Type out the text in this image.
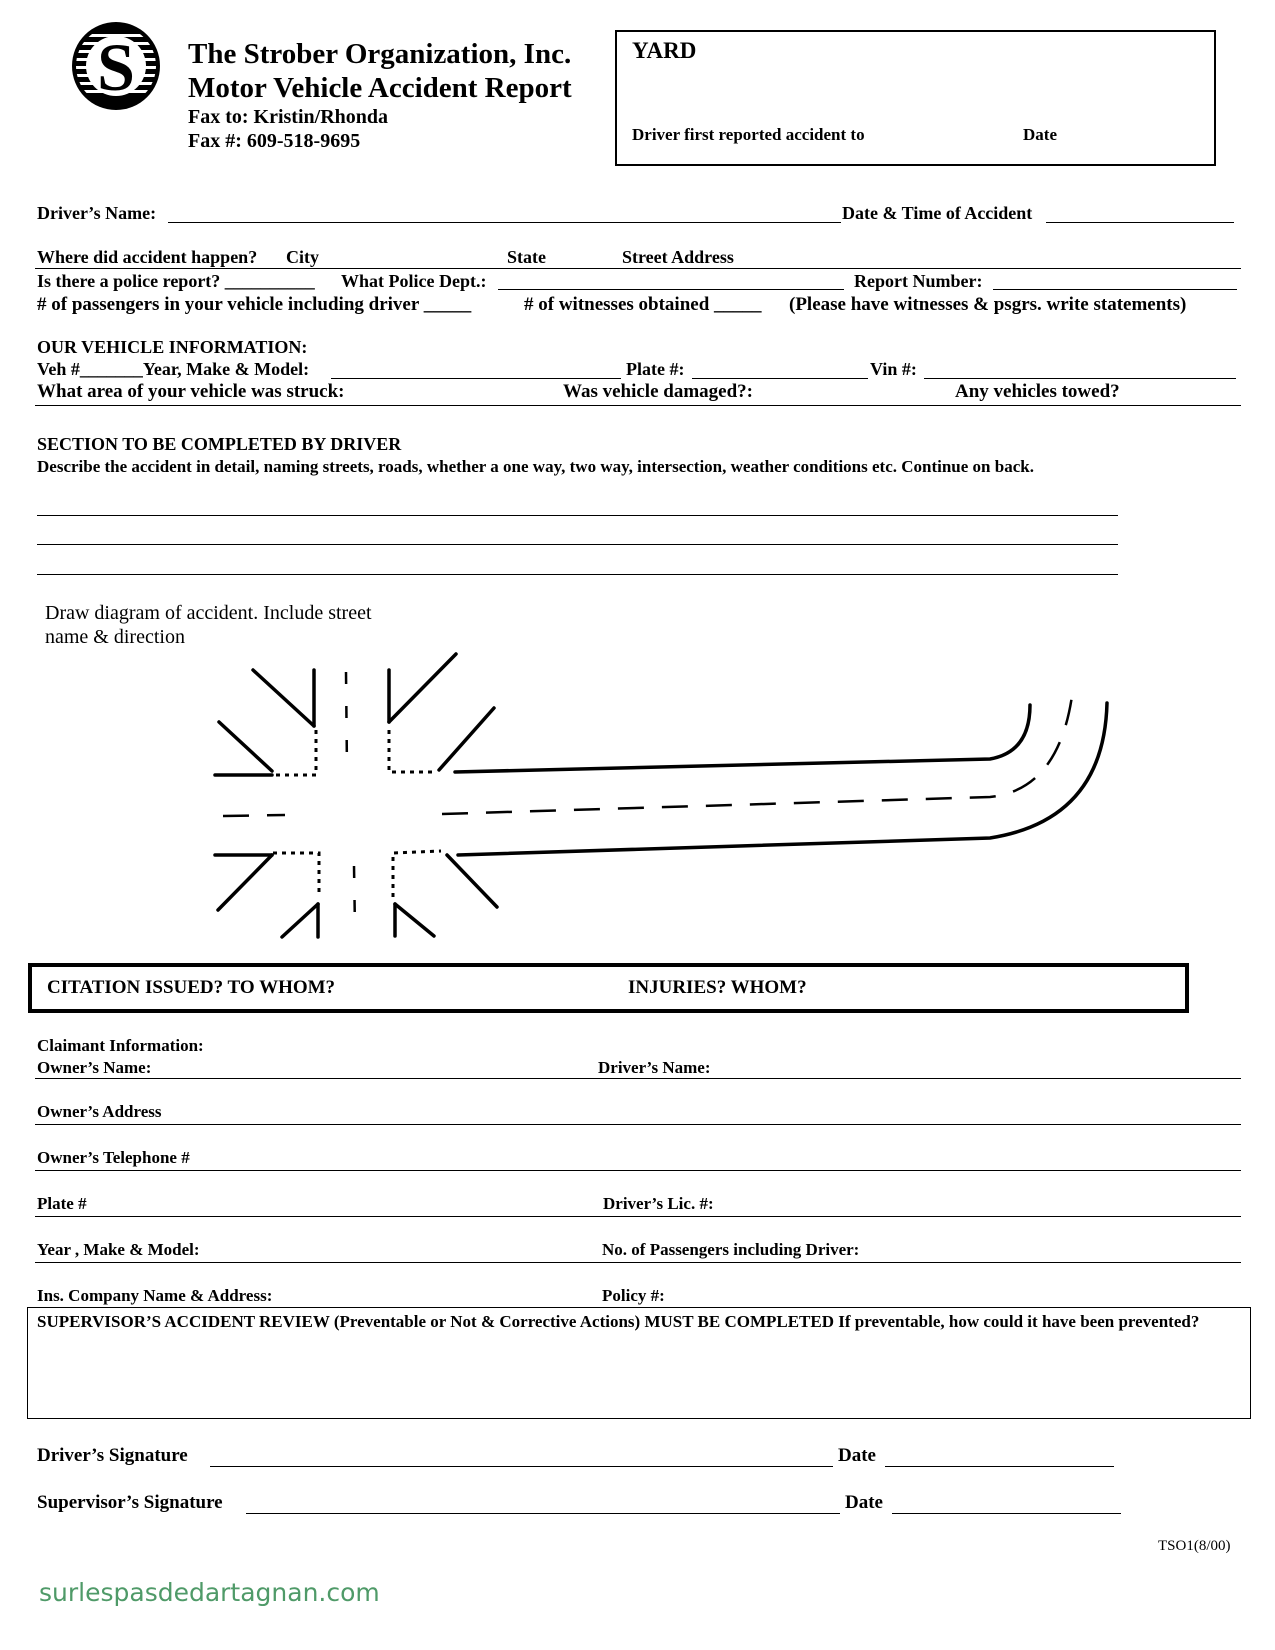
S The Strober Organization, Inc.
Motor Vehicle Accident Report
Fax to: Kristin/Rhonda
Fax #: 609-518-9695
YARD
Driver first reported accident to	Date
Driver’s Name:	Date & Time of Accident
Where did accident happen? City	State	Street Address
Is there a police report? __________ What Police Dept.:	Report Number:
# of passengers in your vehicle including driver _____	# of witnesses obtained _____ (Please have witnesses & psgrs. write statements)
OUR VEHICLE INFORMATION:
Veh #_______Year, Make & Model:	Plate #:	Vin #:
What area of your vehicle was struck:	Was vehicle damaged?:	Any vehicles towed?
SECTION TO BE COMPLETED BY DRIVER
Describe the accident in detail, naming streets, roads, whether a one way, two way, intersection, weather conditions etc. Continue on back.
Draw diagram of accident. Include street
name & direction
CITATION ISSUED? TO WHOM?	INJURIES? WHOM?
Claimant Information:
Owner’s Name:	Driver’s Name:
Owner’s Address
Owner’s Telephone #
Plate #	Driver’s Lic. #:
Year , Make & Model:	No. of Passengers including Driver:
Ins. Company Name & Address:	Policy #:
SUPERVISOR’S ACCIDENT REVIEW (Preventable or Not & Corrective Actions) MUST BE COMPLETED If preventable, how could it have been prevented?
Driver’s Signature	Date
Supervisor’s Signature	Date
TSO1(8/00)
surlespasdedartagnan.com
